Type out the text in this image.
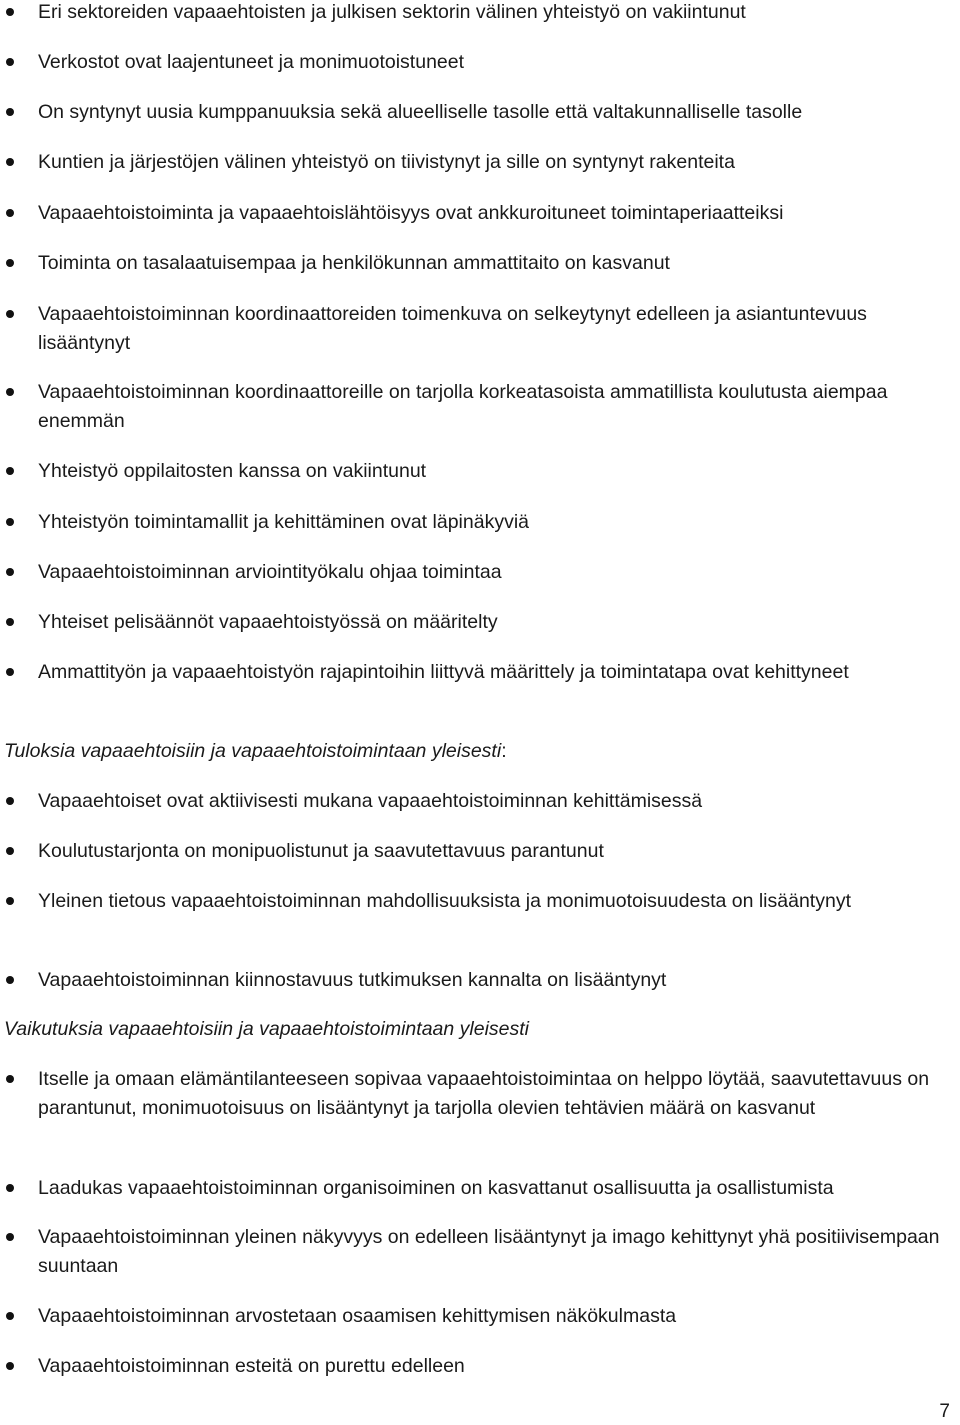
Eri sektoreiden vapaaehtoisten ja julkisen sektorin välinen yhteistyö on vakiintunut
Verkostot ovat laajentuneet ja monimuotoistuneet
On syntynyt uusia kumppanuuksia sekä alueelliselle tasolle että valtakunnalliselle tasolle
Kuntien ja järjestöjen välinen yhteistyö on tiivistynyt ja sille on syntynyt rakenteita
Vapaaehtoistoiminta ja vapaaehtoislähtöisyys ovat ankkuroituneet toimintaperiaatteiksi
Toiminta on tasalaatuisempaa ja henkilökunnan ammattitaito on kasvanut
Vapaaehtoistoiminnan koordinaattoreiden toimenkuva on selkeytynyt edelleen ja asiantuntevuus lisääntynyt
Vapaaehtoistoiminnan koordinaattoreille on tarjolla korkeatasoista ammatillista koulutusta aiempaa enemmän
Yhteistyö oppilaitosten kanssa on vakiintunut
Yhteistyön toimintamallit ja kehittäminen ovat läpinäkyviä
Vapaaehtoistoiminnan arviointityökalu ohjaa toimintaa
Yhteiset pelisäännöt vapaaehtoistyössä on määritelty
Ammattityön ja vapaaehtoistyön rajapintoihin liittyvä määrittely ja toimintatapa ovat kehittyneet
Tuloksia vapaaehtoisiin ja vapaaehtoistoimintaan yleisesti:
Vapaaehtoiset ovat aktiivisesti mukana vapaaehtoistoiminnan kehittämisessä
Koulutustarjonta on monipuolistunut ja saavutettavuus parantunut
Yleinen tietous vapaaehtoistoiminnan mahdollisuuksista ja monimuotoisuudesta on lisääntynyt
Vapaaehtoistoiminnan kiinnostavuus tutkimuksen kannalta on lisääntynyt
Vaikutuksia vapaaehtoisiin ja vapaaehtoistoimintaan yleisesti
Itselle ja omaan elämäntilanteeseen sopivaa vapaaehtoistoimintaa on helppo löytää, saavutettavuus on parantunut, monimuotoisuus on lisääntynyt ja tarjolla olevien tehtävien määrä on kasvanut
Laadukas vapaaehtoistoiminnan organisoiminen on kasvattanut osallisuutta ja osallistumista
Vapaaehtoistoiminnan yleinen näkyvyys on edelleen lisääntynyt ja imago kehittynyt yhä positiivisempaan suuntaan
Vapaaehtoistoiminnan arvostetaan osaamisen kehittymisen näkökulmasta
Vapaaehtoistoiminnan esteitä on purettu edelleen
7
